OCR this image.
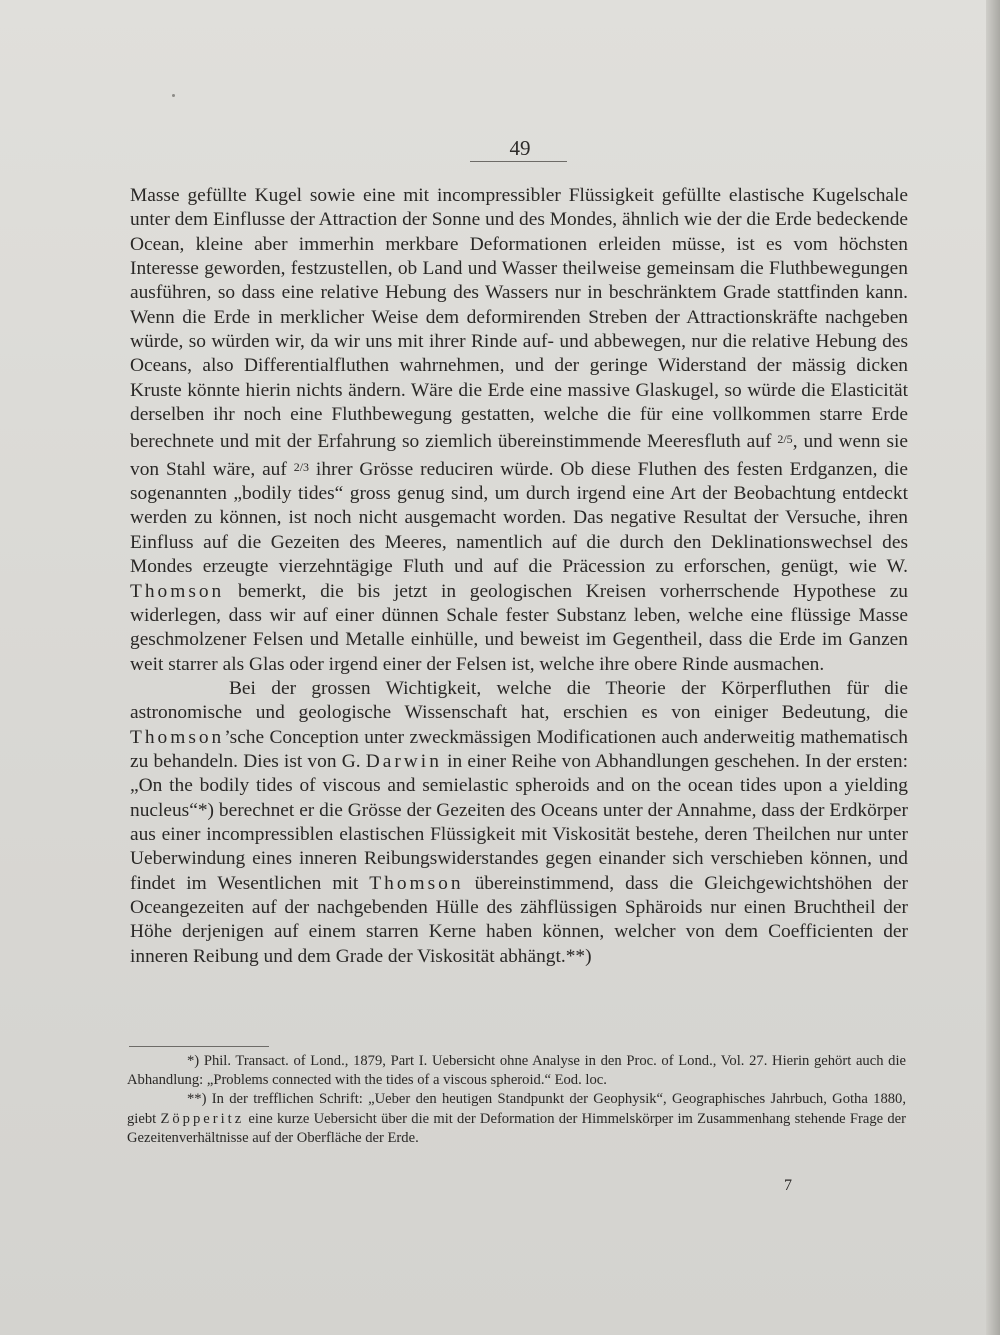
49

Masse gefüllte Kugel sowie eine mit incompressibler Flüssigkeit gefüllte elastische Kugelschale unter dem Einflusse der Attraction der Sonne und des Mondes, ähnlich wie der die Erde bedeckende Ocean, kleine aber immerhin merkbare Deformationen erleiden müsse, ist es vom höchsten Interesse geworden, festzustellen, ob Land und Wasser theilweise gemeinsam die Fluthbewegungen ausführen, so dass eine relative Hebung des Wassers nur in beschränktem Grade stattfinden kann. Wenn die Erde in merklicher Weise dem deformirenden Streben der Attractionskräfte nachgeben würde, so würden wir, da wir uns mit ihrer Rinde auf- und abbewegen, nur die relative Hebung des Oceans, also Differentialfluthen wahrnehmen, und der geringe Widerstand der mässig dicken Kruste könnte hierin nichts ändern. Wäre die Erde eine massive Glaskugel, so würde die Elasticität derselben ihr noch eine Fluthbewegung gestatten, welche die für eine vollkommen starre Erde berechnete und mit der Erfahrung so ziemlich übereinstimmende Meeresfluth auf $^{2/5}$, und wenn sie von Stahl wäre, auf $^{2/3}$ ihrer Grösse reduciren würde. Ob diese Fluthen des festen Erdganzen, die sogenannten „bodily tides“ gross genug sind, um durch irgend eine Art der Beobachtung entdeckt werden zu können, ist noch nicht ausgemacht worden. Das negative Resultat der Versuche, ihren Einfluss auf die Gezeiten des Meeres, namentlich auf die durch den Deklinationswechsel des Mondes erzeugte vierzehntägige Fluth und auf die Präcession zu erforschen, genügt, wie W. Thomson bemerkt, die bis jetzt in geologischen Kreisen vorherrschende Hypothese zu widerlegen, dass wir auf einer dünnen Schale fester Substanz leben, welche eine flüssige Masse geschmolzener Felsen und Metalle einhülle, und beweist im Gegentheil, dass die Erde im Ganzen weit starrer als Glas oder irgend einer der Felsen ist, welche ihre obere Rinde ausmachen.

Bei der grossen Wichtigkeit, welche die Theorie der Körperfluthen für die astronomische und geologische Wissenschaft hat, erschien es von einiger Bedeutung, die Thomson’sche Conception unter zweckmässigen Modificationen auch anderweitig mathematisch zu behandeln. Dies ist von G. Darwin in einer Reihe von Abhandlungen geschehen. In der ersten: „On the bodily tides of viscous and semielastic spheroids and on the ocean tides upon a yielding nucleus“*) berechnet er die Grösse der Gezeiten des Oceans unter der Annahme, dass der Erdkörper aus einer incompressiblen elastischen Flüssigkeit mit Viskosität bestehe, deren Theilchen nur unter Ueberwindung eines inneren Reibungswiderstandes gegen einander sich verschieben können, und findet im Wesentlichen mit Thomson übereinstimmend, dass die Gleichgewichtshöhen der Oceangezeiten auf der nachgebenden Hülle des zähflüssigen Sphäroids nur einen Bruchtheil der Höhe derjenigen auf einem starren Kerne haben können, welcher von dem Coefficienten der inneren Reibung und dem Grade der Viskosität abhängt.**)

*) Phil. Transact. of Lond., 1879, Part I. Uebersicht ohne Analyse in den Proc. of Lond., Vol. 27. Hierin gehört auch die Abhandlung: „Problems connected with the tides of a viscous spheroid.“ Eod. loc.

**) In der trefflichen Schrift: „Ueber den heutigen Standpunkt der Geophysik“, Geographisches Jahrbuch, Gotha 1880, giebt Zöpperitz eine kurze Uebersicht über die mit der Deformation der Himmelskörper im Zusammenhang stehende Frage der Gezeitenverhältnisse auf der Oberfläche der Erde.

7
